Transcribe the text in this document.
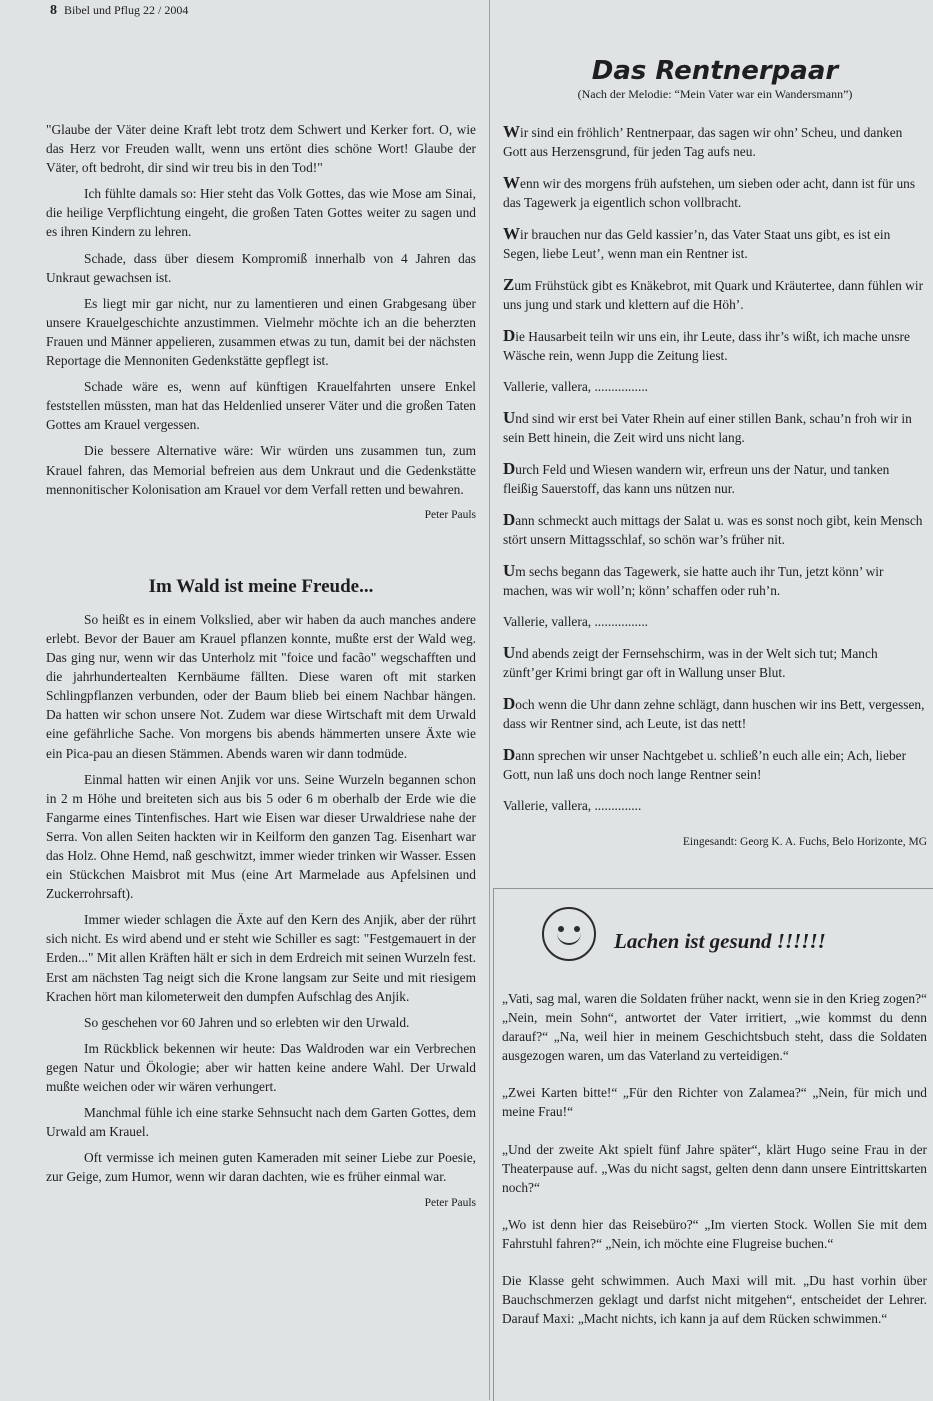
8 Bibel und Pflug 22 / 2004

"Glaube der Väter deine Kraft lebt trotz dem Schwert und Kerker fort. O, wie das Herz vor Freuden wallt, wenn uns ertönt dies schöne Wort! Glaube der Väter, oft bedroht, dir sind wir treu bis in den Tod!"

Ich fühlte damals so: Hier steht das Volk Gottes, das wie Mose am Sinai, die heilige Verpflichtung eingeht, die großen Taten Gottes weiter zu sagen und es ihren Kindern zu lehren.

Schade, dass über diesem Kompromiß innerhalb von 4 Jahren das Unkraut gewachsen ist.

Es liegt mir gar nicht, nur zu lamentieren und einen Grabgesang über unsere Krauelgeschichte anzustimmen. Vielmehr möchte ich an die beherzten Frauen und Männer appelieren, zusammen etwas zu tun, damit bei der nächsten Reportage die Mennoniten Gedenkstätte gepflegt ist.

Schade wäre es, wenn auf künftigen Krauelfahrten unsere Enkel feststellen müssten, man hat das Heldenlied unserer Väter und die großen Taten Gottes am Krauel vergessen.

Die bessere Alternative wäre: Wir würden uns zusammen tun, zum Krauel fahren, das Memorial befreien aus dem Unkraut und die Gedenkstätte mennonitischer Kolonisation am Krauel vor dem Verfall retten und bewahren.

Peter Pauls

Im Wald ist meine Freude...

So heißt es in einem Volkslied, aber wir haben da auch manches andere erlebt. Bevor der Bauer am Krauel pflanzen konnte, mußte erst der Wald weg. Das ging nur, wenn wir das Unterholz mit "foice und facão" wegschafften und die jahrhundertealten Kernbäume fällten. Diese waren oft mit starken Schlingpflanzen verbunden, oder der Baum blieb bei einem Nachbar hängen. Da hatten wir schon unsere Not. Zudem war diese Wirtschaft mit dem Urwald eine gefährliche Sache. Von morgens bis abends hämmerten unsere Äxte wie ein Pica-pau an diesen Stämmen. Abends waren wir dann todmüde.

Einmal hatten wir einen Anjik vor uns. Seine Wurzeln begannen schon in 2 m Höhe und breiteten sich aus bis 5 oder 6 m oberhalb der Erde wie die Fangarme eines Tintenfisches. Hart wie Eisen war dieser Urwaldriese nahe der Serra. Von allen Seiten hackten wir in Keilform den ganzen Tag. Eisenhart war das Holz. Ohne Hemd, naß geschwitzt, immer wieder trinken wir Wasser. Essen ein Stückchen Maisbrot mit Mus (eine Art Marmelade aus Apfelsinen und Zuckerrohrsaft).

Immer wieder schlagen die Äxte auf den Kern des Anjik, aber der rührt sich nicht. Es wird abend und er steht wie Schiller es sagt: "Festgemauert in der Erden..." Mit allen Kräften hält er sich in dem Erdreich mit seinen Wurzeln fest. Erst am nächsten Tag neigt sich die Krone langsam zur Seite und mit riesigem Krachen hört man kilometerweit den dumpfen Aufschlag des Anjik.

So geschehen vor 60 Jahren und so erlebten wir den Urwald.

Im Rückblick bekennen wir heute: Das Waldroden war ein Verbrechen gegen Natur und Ökologie; aber wir hatten keine andere Wahl. Der Urwald mußte weichen oder wir wären verhungert.

Manchmal fühle ich eine starke Sehnsucht nach dem Garten Gottes, dem Urwald am Krauel.

Oft vermisse ich meinen guten Kameraden mit seiner Liebe zur Poesie, zur Geige, zum Humor, wenn wir daran dachten, wie es früher einmal war.

Peter Pauls

Das Rentnerpaar
(Nach der Melodie: “Mein Vater war ein Wandersmann”)

Wir sind ein fröhlich’ Rentnerpaar, das sagen wir ohn’ Scheu, und danken Gott aus Herzensgrund, für jeden Tag aufs neu.

Wenn wir des morgens früh aufstehen, um sieben oder acht, dann ist für uns das Tagewerk ja eigentlich schon vollbracht.

Wir brauchen nur das Geld kassier’n, das Vater Staat uns gibt, es ist ein Segen, liebe Leut’, wenn man ein Rentner ist.

Zum Frühstück gibt es Knäkebrot, mit Quark und Kräutertee, dann fühlen wir uns jung und stark und klettern auf die Höh’.

Die Hausarbeit teiln wir uns ein, ihr Leute, dass ihr’s wißt, ich mache unsre Wäsche rein, wenn Jupp die Zeitung liest.

Vallerie, vallera, ................

Und sind wir erst bei Vater Rhein auf einer stillen Bank, schau’n froh wir in sein Bett hinein, die Zeit wird uns nicht lang.

Durch Feld und Wiesen wandern wir, erfreun uns der Natur, und tanken fleißig Sauerstoff, das kann uns nützen nur.

Dann schmeckt auch mittags der Salat u. was es sonst noch gibt, kein Mensch stört unsern Mittagsschlaf, so schön war’s früher nit.

Um sechs begann das Tagewerk, sie hatte auch ihr Tun, jetzt könn’ wir machen, was wir woll’n; könn’ schaffen oder ruh’n.

Vallerie, vallera, ................

Und abends zeigt der Fernsehschirm, was in der Welt sich tut; Manch zünft’ger Krimi bringt gar oft in Wallung unser Blut.

Doch wenn die Uhr dann zehne schlägt, dann huschen wir ins Bett, vergessen, dass wir Rentner sind, ach Leute, ist das nett!

Dann sprechen wir unser Nachtgebet u. schließ’n euch alle ein; Ach, lieber Gott, nun laß uns doch noch lange Rentner sein!

Vallerie, vallera, ..............
Eingesandt: Georg K. A. Fuchs, Belo Horizonte, MG
Lachen ist gesund !!!!!!

„Vati, sag mal, waren die Soldaten früher nackt, wenn sie in den Krieg zogen?“ „Nein, mein Sohn“, antwortet der Vater irritiert, „wie kommst du denn darauf?“ „Na, weil hier in meinem Geschichtsbuch steht, dass die Soldaten ausgezogen waren, um das Vaterland zu verteidigen.“

„Zwei Karten bitte!“ „Für den Richter von Zalamea?“ „Nein, für mich und meine Frau!“

„Und der zweite Akt spielt fünf Jahre später“, klärt Hugo seine Frau in der Theaterpause auf. „Was du nicht sagst, gelten denn dann unsere Eintrittskarten noch?“

„Wo ist denn hier das Reisebüro?“ „Im vierten Stock. Wollen Sie mit dem Fahrstuhl fahren?“ „Nein, ich möchte eine Flugreise buchen.“

Die Klasse geht schwimmen. Auch Maxi will mit. „Du hast vorhin über Bauchschmerzen geklagt und darfst nicht mitgehen“, entscheidet der Lehrer. Darauf Maxi: „Macht nichts, ich kann ja auf dem Rücken schwimmen.“
